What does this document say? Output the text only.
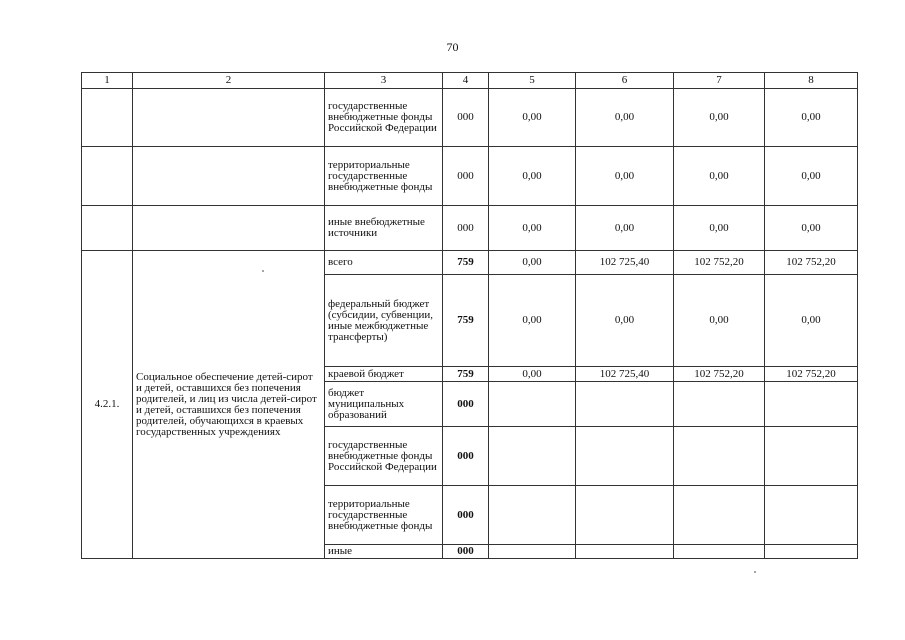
70
1	2	3	4	5	6	7	8
		государственные внебюджетные фонды Российской Федерации	000	0,00	0,00	0,00	0,00
		территориальные государственные внебюджетные фонды	000	0,00	0,00	0,00	0,00
		иные внебюджетные источники	000	0,00	0,00	0,00	0,00
4.2.1.	Социальное обеспечение детей-сирот и детей, оставшихся без попечения родителей, и лиц из числа детей-сирот и детей, оставшихся без попечения родителей, обучающихся в краевых государственных учреждениях	всего	759	0,00	102 725,40	102 752,20	102 752,20
		федеральный бюджет (субсидии, субвенции, иные межбюджетные трансферты)	759	0,00	0,00	0,00	0,00
		краевой бюджет	759	0,00	102 725,40	102 752,20	102 752,20
		бюджет муниципальных образований	000				
		государственные внебюджетные фонды Российской Федерации	000				
		территориальные государственные внебюджетные фонды	000				
		иные	000				
